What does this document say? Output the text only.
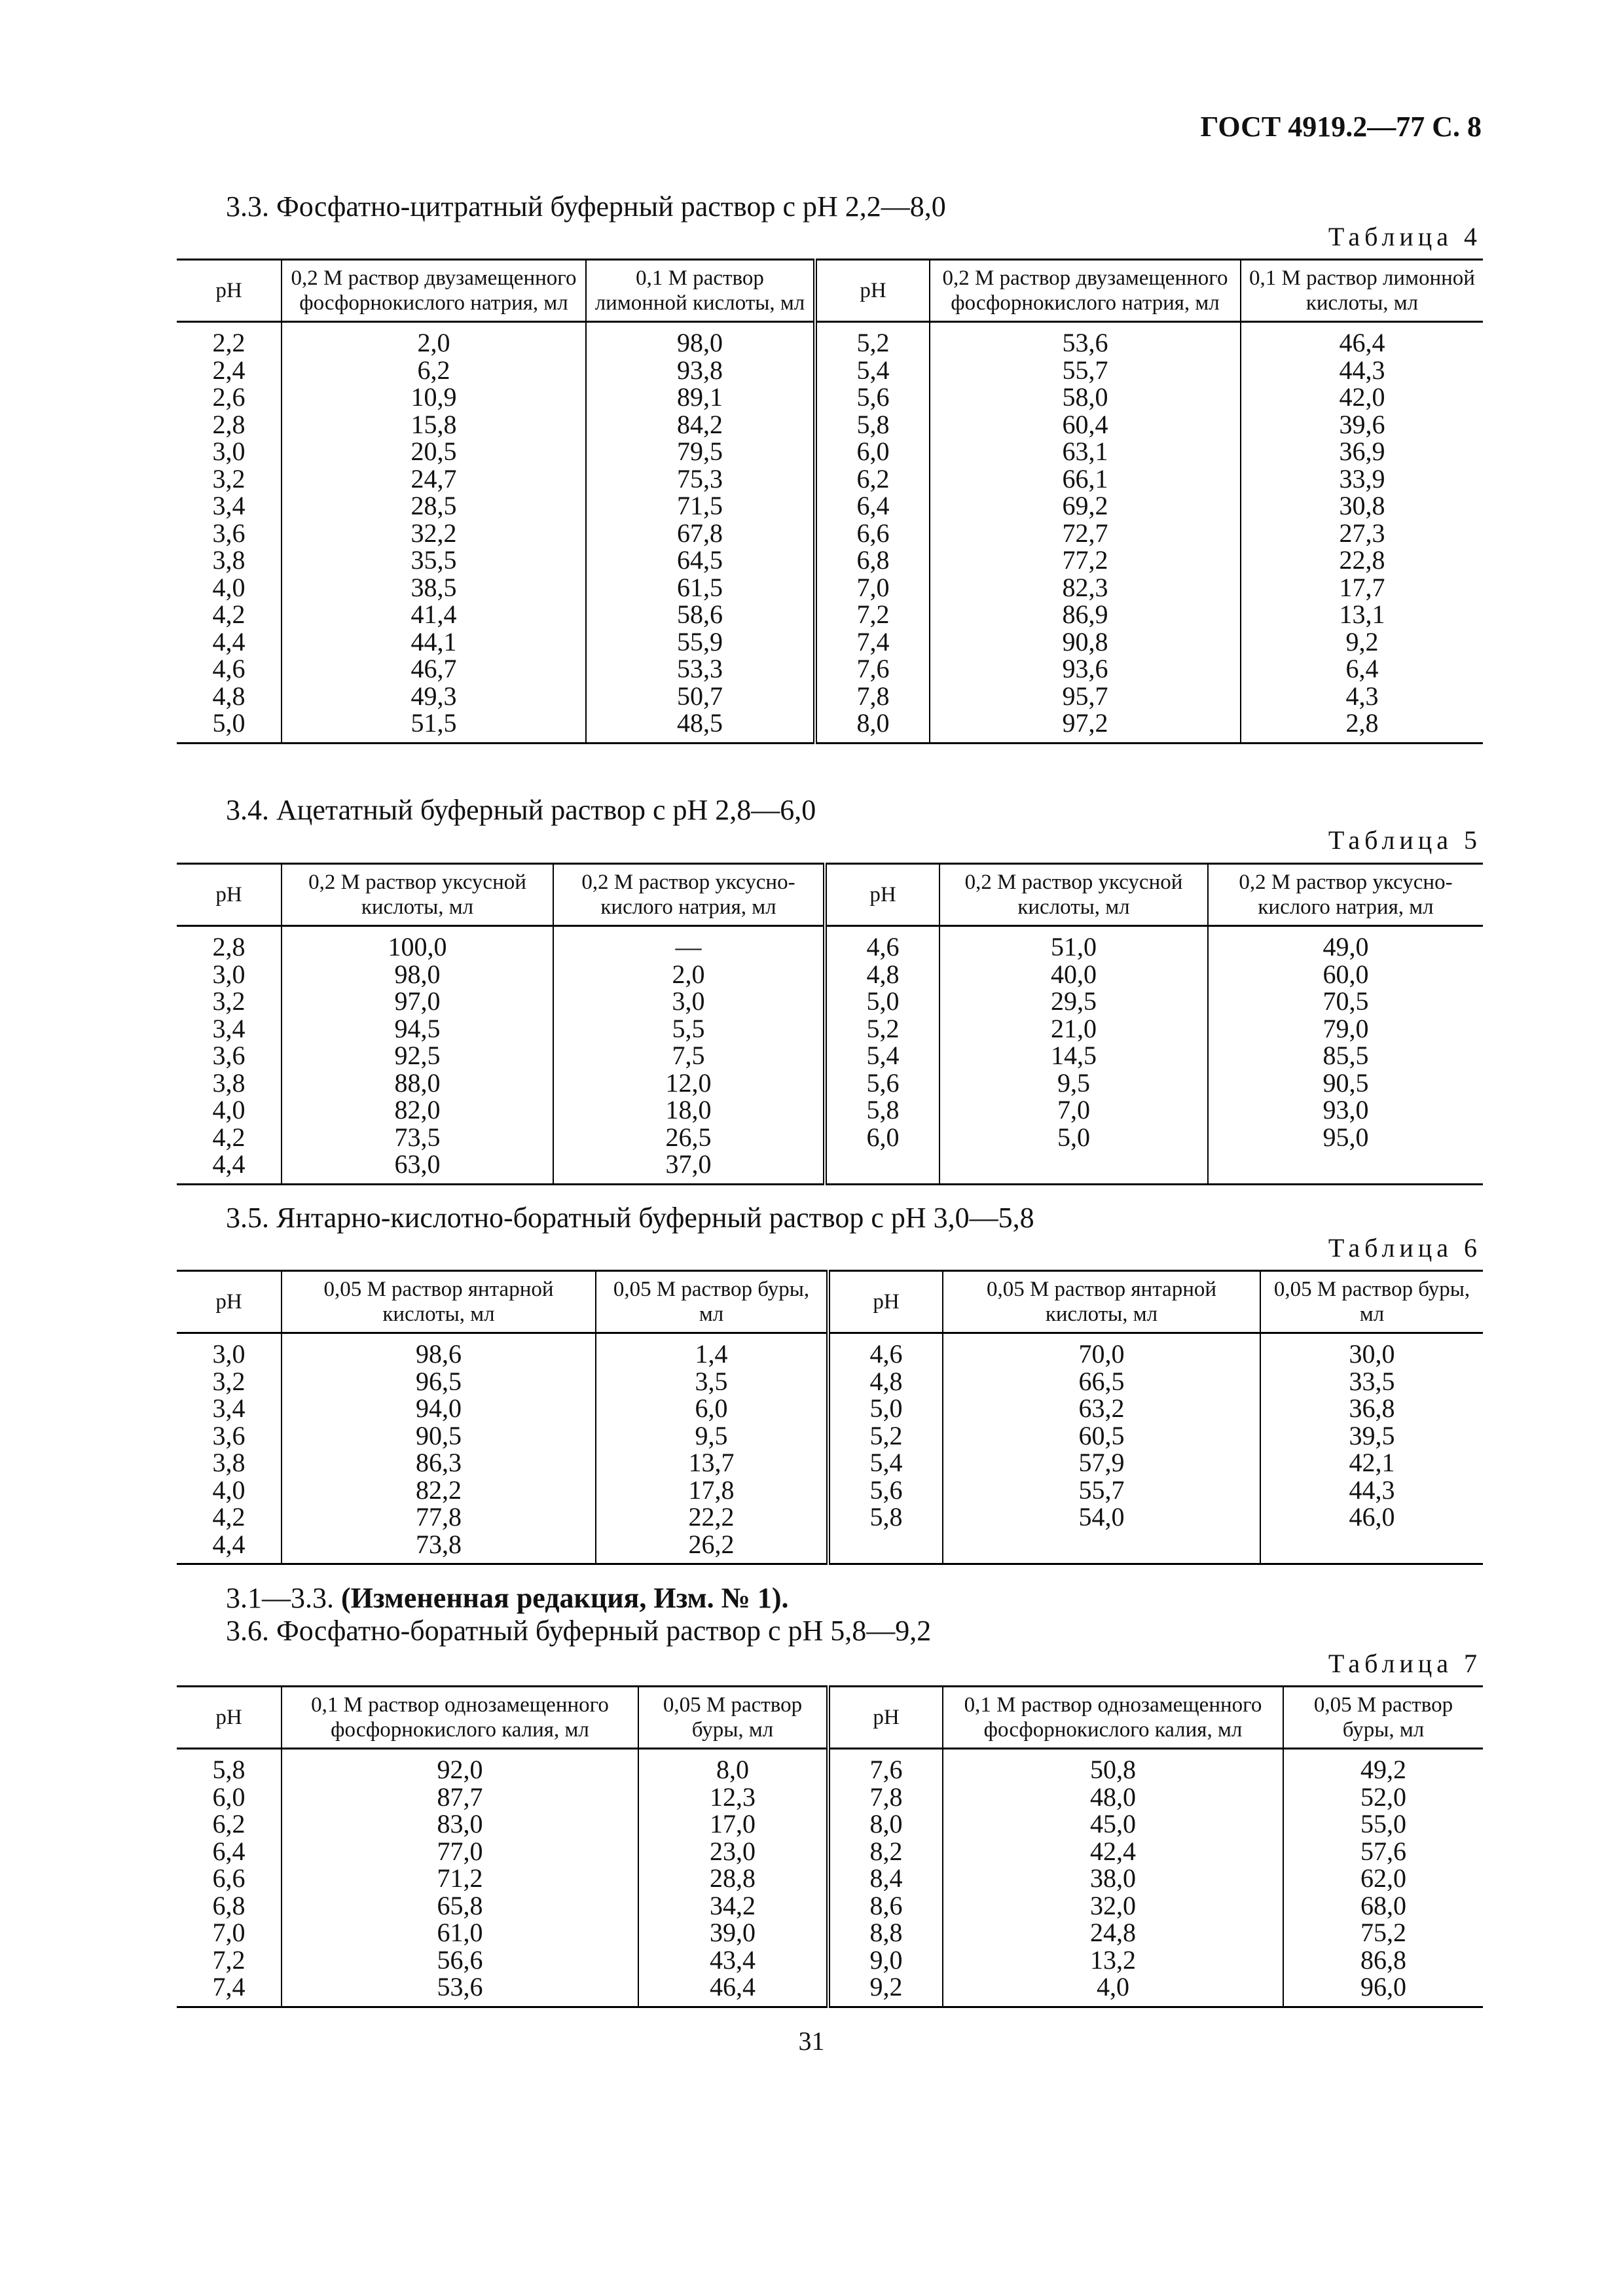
ГОСТ 4919.2—77 С. 8
3.3. Фосфатно-цитратный буферный раствор с pH 2,2—8,0
Таблица 4
pH	0,2 М раствор двузамещенного фосфорнокислого натрия, мл	0,1 М раствор лимонной кислоты, мл	pH	0,2 М раствор двузамещенного фосфорнокислого натрия, мл	0,1 М раствор лимонной кислоты, мл
2,2	2,0	98,0	5,2	53,6	46,4
2,4	6,2	93,8	5,4	55,7	44,3
2,6	10,9	89,1	5,6	58,0	42,0
2,8	15,8	84,2	5,8	60,4	39,6
3,0	20,5	79,5	6,0	63,1	36,9
3,2	24,7	75,3	6,2	66,1	33,9
3,4	28,5	71,5	6,4	69,2	30,8
3,6	32,2	67,8	6,6	72,7	27,3
3,8	35,5	64,5	6,8	77,2	22,8
4,0	38,5	61,5	7,0	82,3	17,7
4,2	41,4	58,6	7,2	86,9	13,1
4,4	44,1	55,9	7,4	90,8	9,2
4,6	46,7	53,3	7,6	93,6	6,4
4,8	49,3	50,7	7,8	95,7	4,3
5,0	51,5	48,5	8,0	97,2	2,8
3.4. Ацетатный буферный раствор с pH 2,8—6,0
Таблица 5
pH	0,2 М раствор уксусной кислоты, мл	0,2 М раствор уксусно-кислого натрия, мл	pH	0,2 М раствор уксусной кислоты, мл	0,2 М раствор уксусно-кислого натрия, мл
2,8	100,0	—	4,6	51,0	49,0
3,0	98,0	2,0	4,8	40,0	60,0
3,2	97,0	3,0	5,0	29,5	70,5
3,4	94,5	5,5	5,2	21,0	79,0
3,6	92,5	7,5	5,4	14,5	85,5
3,8	88,0	12,0	5,6	9,5	90,5
4,0	82,0	18,0	5,8	7,0	93,0
4,2	73,5	26,5	6,0	5,0	95,0
4,4	63,0	37,0			
3.5. Янтарно-кислотно-боратный буферный раствор с pH 3,0—5,8
Таблица 6
pH	0,05 М раствор янтарной кислоты, мл	0,05 М раствор буры, мл	pH	0,05 М раствор янтарной кислоты, мл	0,05 М раствор буры, мл
3,0	98,6	1,4	4,6	70,0	30,0
3,2	96,5	3,5	4,8	66,5	33,5
3,4	94,0	6,0	5,0	63,2	36,8
3,6	90,5	9,5	5,2	60,5	39,5
3,8	86,3	13,7	5,4	57,9	42,1
4,0	82,2	17,8	5,6	55,7	44,3
4,2	77,8	22,2	5,8	54,0	46,0
4,4	73,8	26,2			
3.1—3.3. (Измененная редакция, Изм. № 1).
3.6. Фосфатно-боратный буферный раствор с pH 5,8—9,2
Таблица 7
pH	0,1 М раствор однозамещенного фосфорнокислого калия, мл	0,05 М раствор буры, мл	pH	0,1 М раствор однозамещенного фосфорнокислого калия, мл	0,05 М раствор буры, мл
5,8	92,0	8,0	7,6	50,8	49,2
6,0	87,7	12,3	7,8	48,0	52,0
6,2	83,0	17,0	8,0	45,0	55,0
6,4	77,0	23,0	8,2	42,4	57,6
6,6	71,2	28,8	8,4	38,0	62,0
6,8	65,8	34,2	8,6	32,0	68,0
7,0	61,0	39,0	8,8	24,8	75,2
7,2	56,6	43,4	9,0	13,2	86,8
7,4	53,6	46,4	9,2	4,0	96,0
31
